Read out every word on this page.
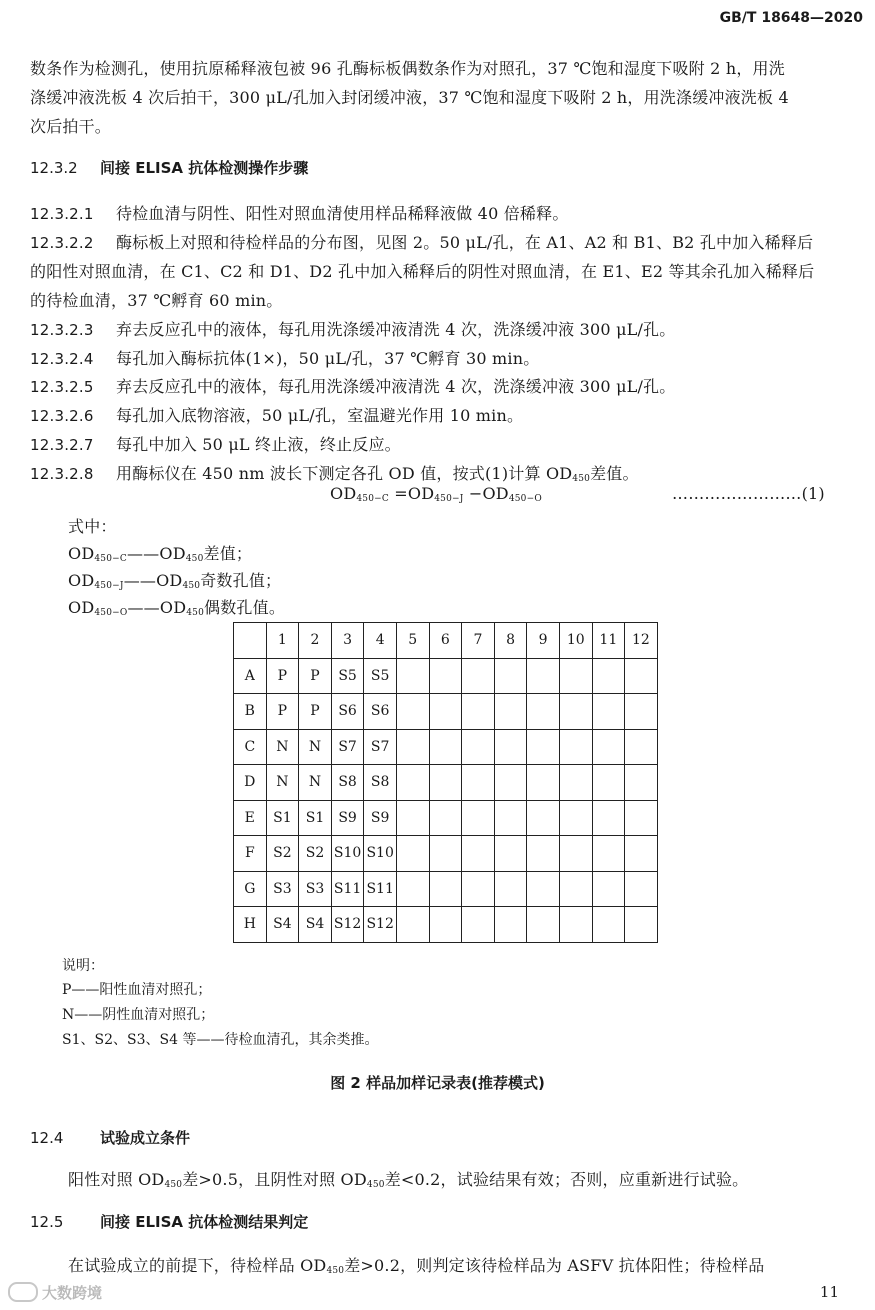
GB/T 18648—2020
数条作为检测孔，使用抗原稀释液包被 96 孔酶标板偶数条作为对照孔，37 ℃饱和湿度下吸附 2 h，用洗
涤缓冲液洗板 4 次后拍干，300 μL/孔加入封闭缓冲液，37 ℃饱和湿度下吸附 2 h，用洗涤缓冲液洗板 4
次后拍干。
12.3.2 间接 ELISA 抗体检测操作步骤
12.3.2.1 待检血清与阴性、阳性对照血清使用样品稀释液做 40 倍稀释。
12.3.2.2 酶标板上对照和待检样品的分布图，见图 2。50 μL/孔，在 A1、A2 和 B1、B2 孔中加入稀释后
的阳性对照血清，在 C1、C2 和 D1、D2 孔中加入稀释后的阴性对照血清，在 E1、E2 等其余孔加入稀释后
的待检血清，37 ℃孵育 60 min。
12.3.2.3 弃去反应孔中的液体，每孔用洗涤缓冲液清洗 4 次，洗涤缓冲液 300 μL/孔。
12.3.2.4 每孔加入酶标抗体(1×)，50 μL/孔，37 ℃孵育 30 min。
12.3.2.5 弃去反应孔中的液体，每孔用洗涤缓冲液清洗 4 次，洗涤缓冲液 300 μL/孔。
12.3.2.6 每孔加入底物溶液，50 μL/孔，室温避光作用 10 min。
12.3.2.7 每孔中加入 50 μL 终止液，终止反应。
12.3.2.8 用酶标仪在 450 nm 波长下测定各孔 OD 值，按式(1)计算 $OD_{450}$差值。
$OD_{450-C} =OD_{450-J} -OD_{450-O}$	……………………(1)
式中：
$OD_{450-C}——OD_{450}$差值；
$OD_{450-J}——OD_{450}$奇数孔值；
$OD_{450-O}——OD_{450}$偶数孔值。
	1	2	3	4	5	6	7	8	9	10	11	12
A	P	P	S5	S5								
B	P	P	S6	S6								
C	N	N	S7	S7								
D	N	N	S8	S8								
E	S1	S1	S9	S9								
F	S2	S2	S10	S10								
G	S3	S3	S11	S11								
H	S4	S4	S12	S12								
说明：
P——阳性血清对照孔；
N——阴性血清对照孔；
S1、S2、S3、S4 等——待检血清孔，其余类推。
图 2 样品加样记录表(推荐模式)
12.4 试验成立条件
阳性对照 $OD_{450}$差>0.5，且阴性对照 $OD_{450}$差<0.2，试验结果有效；否则，应重新进行试验。
12.5 间接 ELISA 抗体检测结果判定
在试验成立的前提下，待检样品 $OD_{450}$差>0.2，则判定该待检样品为 ASFV 抗体阳性；待检样品
大数跨境	11
